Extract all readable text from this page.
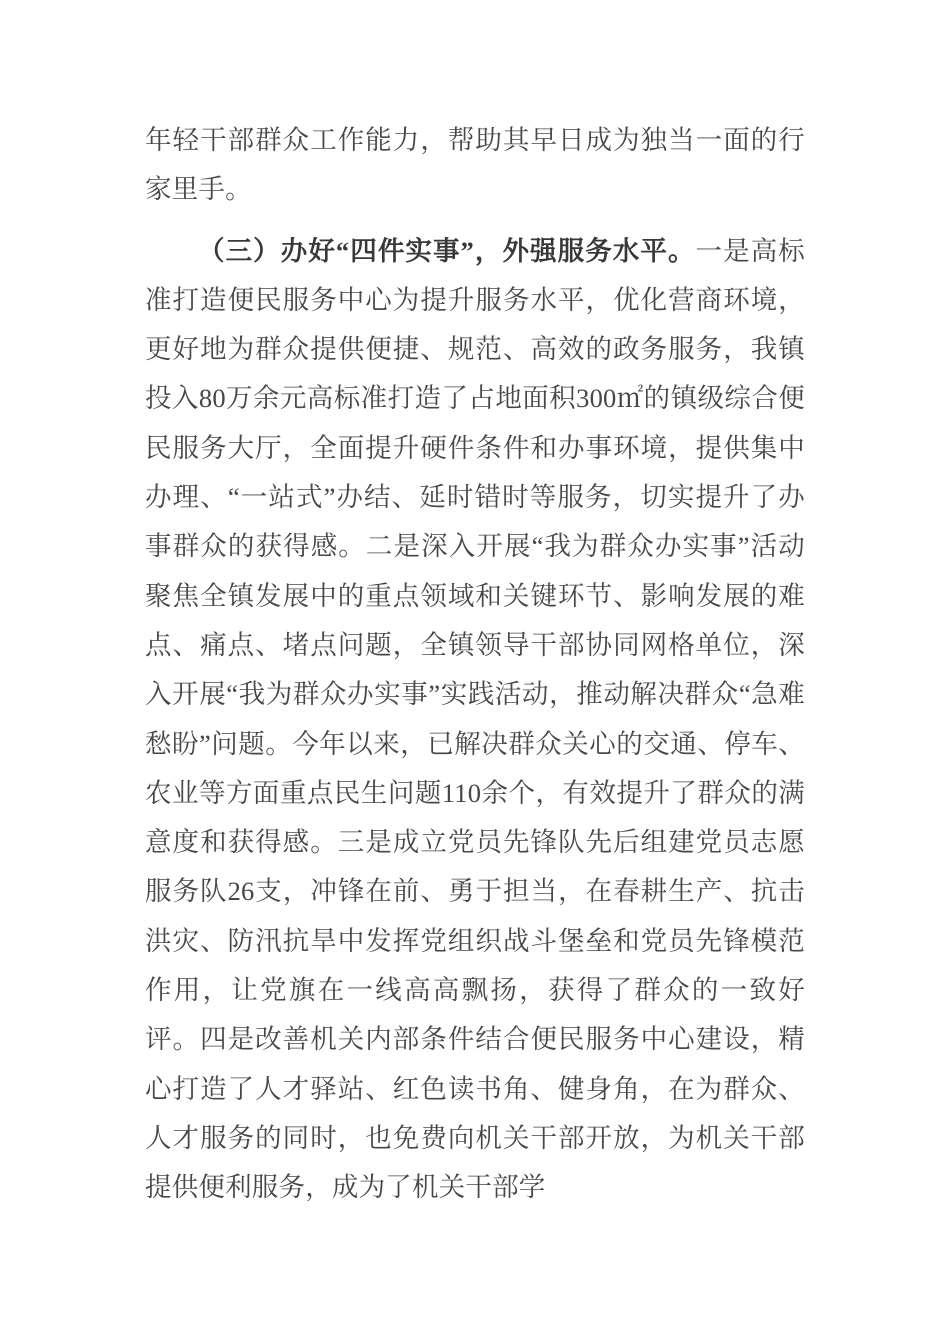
年轻干部群众工作能力，帮助其早日成为独当一面的行家里手。

（三）办好“四件实事”，外强服务水平。一是高标准打造便民服务中心为提升服务水平，优化营商环境，更好地为群众提供便捷、规范、高效的政务服务，我镇投入80万余元高标准打造了占地面积300㎡的镇级综合便民服务大厅，全面提升硬件条件和办事环境，提供集中办理、“一站式”办结、延时错时等服务，切实提升了办事群众的获得感。二是深入开展“我为群众办实事”活动聚焦全镇发展中的重点领域和关键环节、影响发展的难点、痛点、堵点问题，全镇领导干部协同网格单位，深入开展“我为群众办实事”实践活动，推动解决群众“急难愁盼”问题。今年以来，已解决群众关心的交通、停车、农业等方面重点民生问题110余个，有效提升了群众的满意度和获得感。三是成立党员先锋队先后组建党员志愿服务队26支，冲锋在前、勇于担当，在春耕生产、抗击洪灾、防汛抗旱中发挥党组织战斗堡垒和党员先锋模范作用，让党旗在一线高高飘扬，获得了群众的一致好评。四是改善机关内部条件结合便民服务中心建设，精心打造了人才驿站、红色读书角、健身角，在为群众、人才服务的同时，也免费向机关干部开放，为机关干部提供便利服务，成为了机关干部学
